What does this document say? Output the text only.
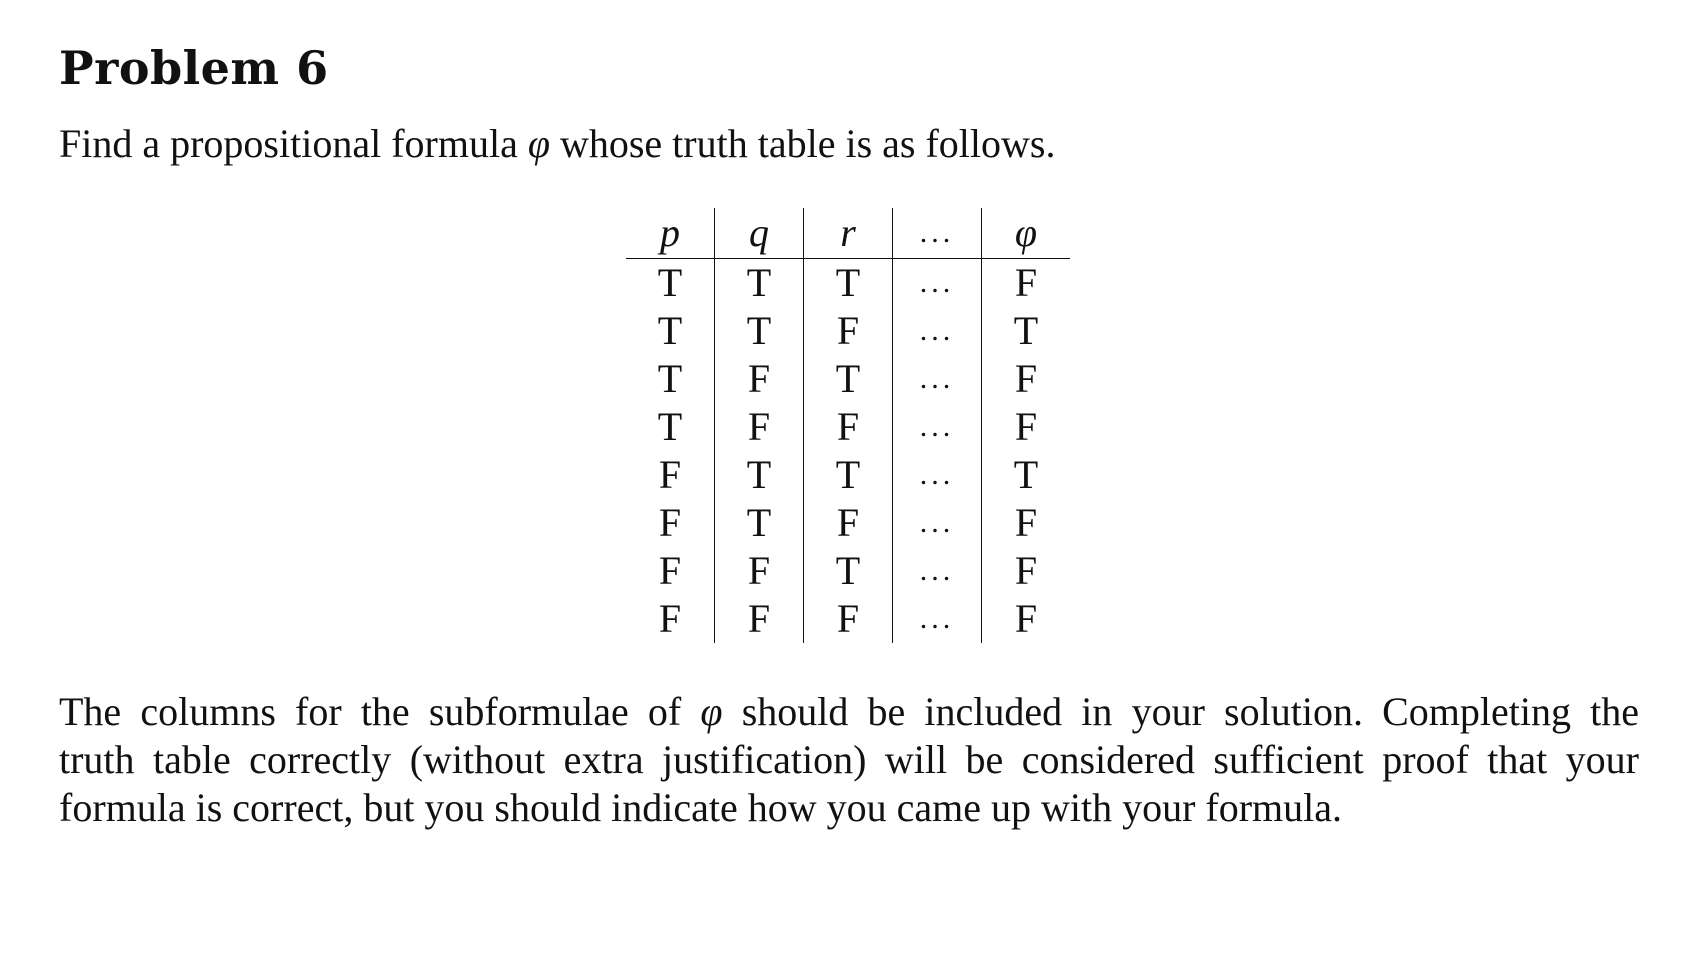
Problem 6

Find a propositional formula φ whose truth table is as follows.

p	q	r	...	φ
T	T	T	...	F
T	T	F	...	T
T	F	T	...	F
T	F	F	...	F
F	T	T	...	T
F	T	F	...	F
F	F	T	...	F
F	F	F	...	F

The columns for the subformulae of φ should be included in your solution. Completing the
truth table correctly (without extra justification) will be considered sufficient proof that your
formula is correct, but you should indicate how you came up with your formula.
